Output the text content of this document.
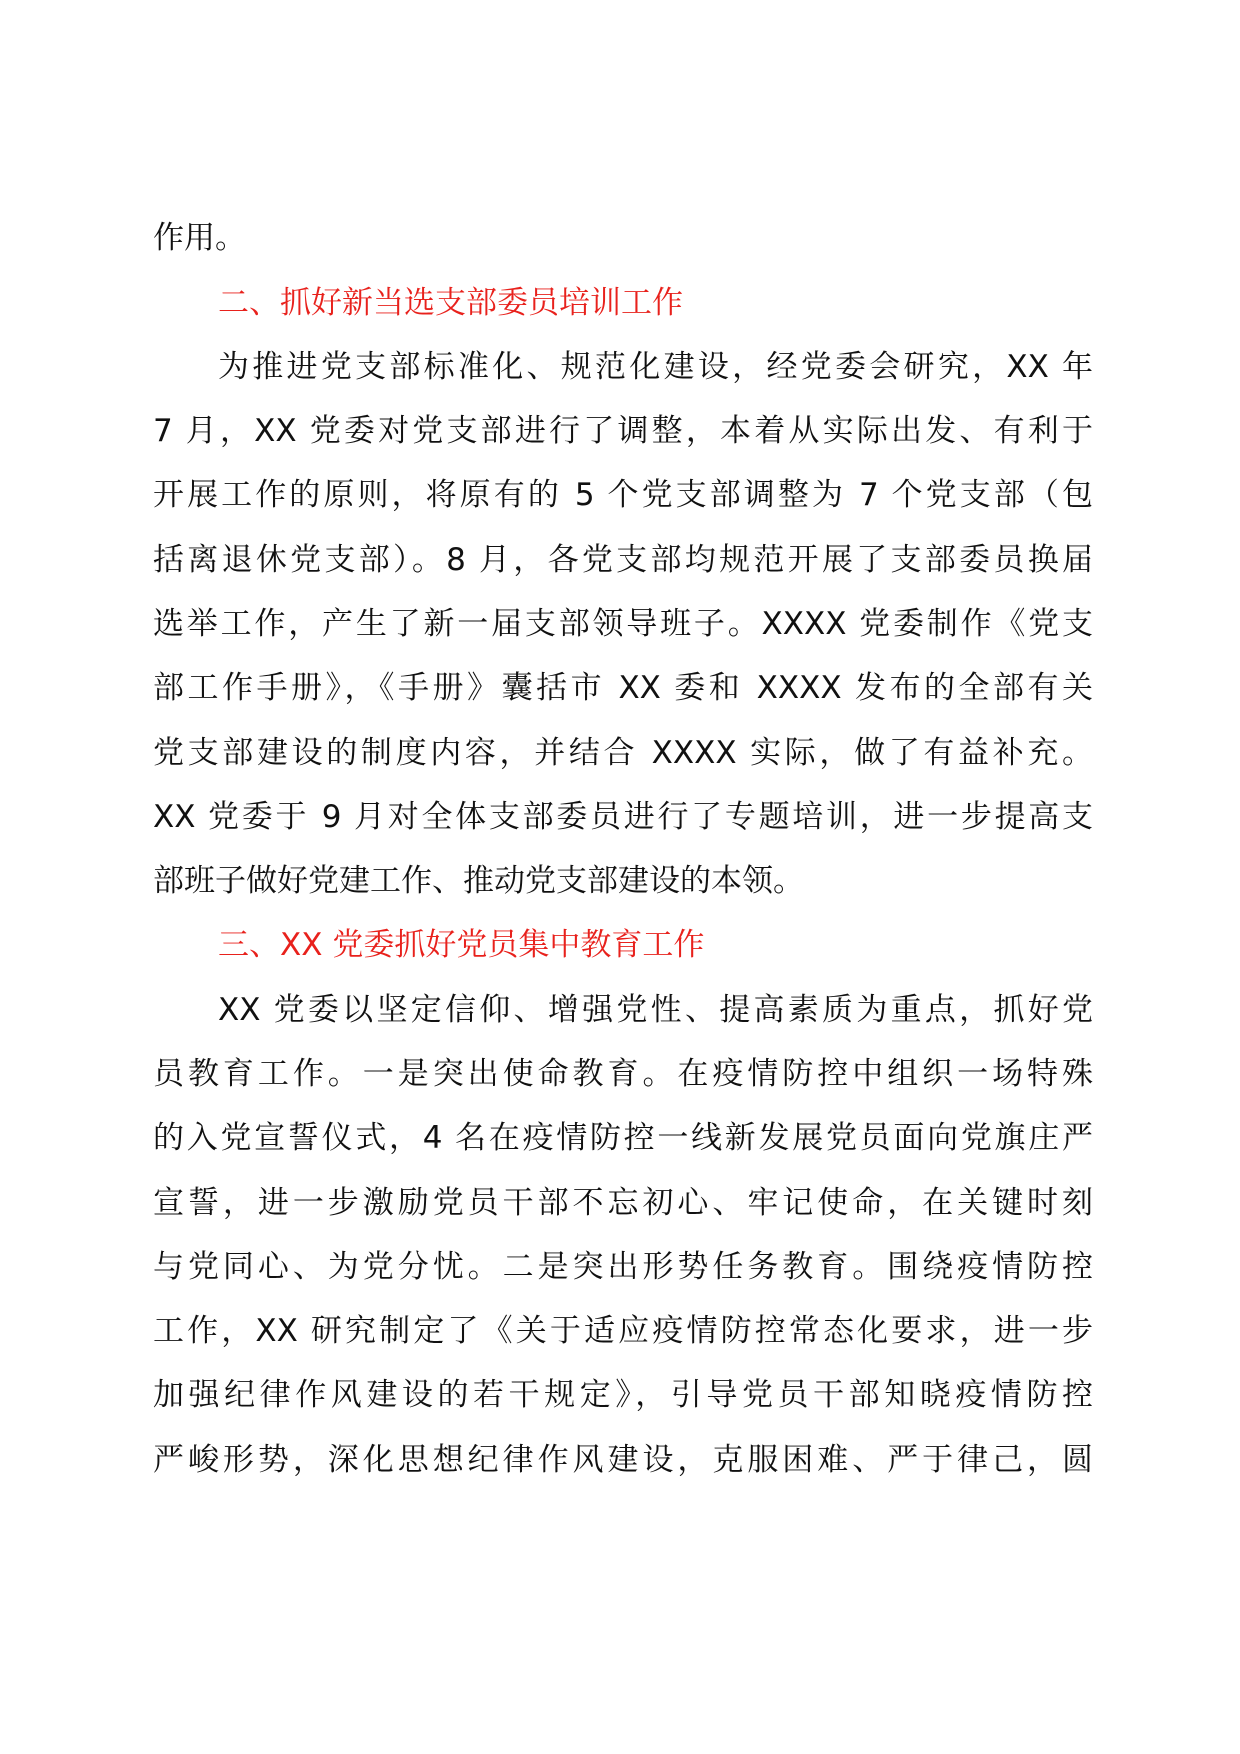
作用。
二、抓好新当选支部委员培训工作
为推进党支部标准化、规范化建设，经党委会研究，XX 年
7 月，XX 党委对党支部进行了调整，本着从实际出发、有利于
开展工作的原则，将原有的 5 个党支部调整为 7 个党支部（包
括离退休党支部）。8 月，各党支部均规范开展了支部委员换届
选举工作，产生了新一届支部领导班子。XXXX 党委制作《党支
部工作手册》，《手册》囊括市 XX 委和 XXXX 发布的全部有关
党支部建设的制度内容，并结合 XXXX 实际，做了有益补充。
XX 党委于 9 月对全体支部委员进行了专题培训，进一步提高支
部班子做好党建工作、推动党支部建设的本领。
三、XX 党委抓好党员集中教育工作
XX 党委以坚定信仰、增强党性、提高素质为重点，抓好党
员教育工作。一是突出使命教育。在疫情防控中组织一场特殊
的入党宣誓仪式，4 名在疫情防控一线新发展党员面向党旗庄严
宣誓，进一步激励党员干部不忘初心、牢记使命，在关键时刻
与党同心、为党分忧。二是突出形势任务教育。围绕疫情防控
工作，XX 研究制定了《关于适应疫情防控常态化要求，进一步
加强纪律作风建设的若干规定》，引导党员干部知晓疫情防控
严峻形势，深化思想纪律作风建设，克服困难、严于律己，圆
